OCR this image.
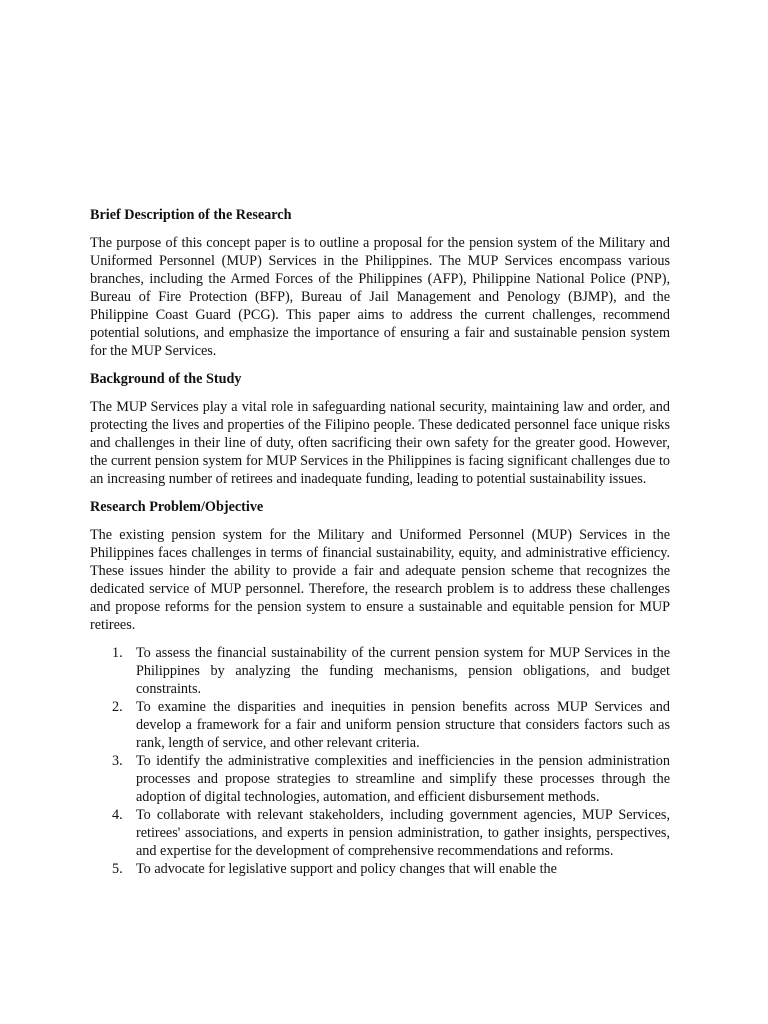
Brief Description of the Research
The purpose of this concept paper is to outline a proposal for the pension system of the Military and Uniformed Personnel (MUP) Services in the Philippines. The MUP Services encompass various branches, including the Armed Forces of the Philippines (AFP), Philippine National Police (PNP), Bureau of Fire Protection (BFP), Bureau of Jail Management and Penology (BJMP), and the Philippine Coast Guard (PCG). This paper aims to address the current challenges, recommend potential solutions, and emphasize the importance of ensuring a fair and sustainable pension system for the MUP Services.
Background of the Study
The MUP Services play a vital role in safeguarding national security, maintaining law and order, and protecting the lives and properties of the Filipino people. These dedicated personnel face unique risks and challenges in their line of duty, often sacrificing their own safety for the greater good. However, the current pension system for MUP Services in the Philippines is facing significant challenges due to an increasing number of retirees and inadequate funding, leading to potential sustainability issues.
Research Problem/Objective
The existing pension system for the Military and Uniformed Personnel (MUP) Services in the Philippines faces challenges in terms of financial sustainability, equity, and administrative efficiency. These issues hinder the ability to provide a fair and adequate pension scheme that recognizes the dedicated service of MUP personnel. Therefore, the research problem is to address these challenges and propose reforms for the pension system to ensure a sustainable and equitable pension for MUP retirees.
1. To assess the financial sustainability of the current pension system for MUP Services in the Philippines by analyzing the funding mechanisms, pension obligations, and budget constraints.
2. To examine the disparities and inequities in pension benefits across MUP Services and develop a framework for a fair and uniform pension structure that considers factors such as rank, length of service, and other relevant criteria.
3. To identify the administrative complexities and inefficiencies in the pension administration processes and propose strategies to streamline and simplify these processes through the adoption of digital technologies, automation, and efficient disbursement methods.
4. To collaborate with relevant stakeholders, including government agencies, MUP Services, retirees' associations, and experts in pension administration, to gather insights, perspectives, and expertise for the development of comprehensive recommendations and reforms.
5. To advocate for legislative support and policy changes that will enable the
